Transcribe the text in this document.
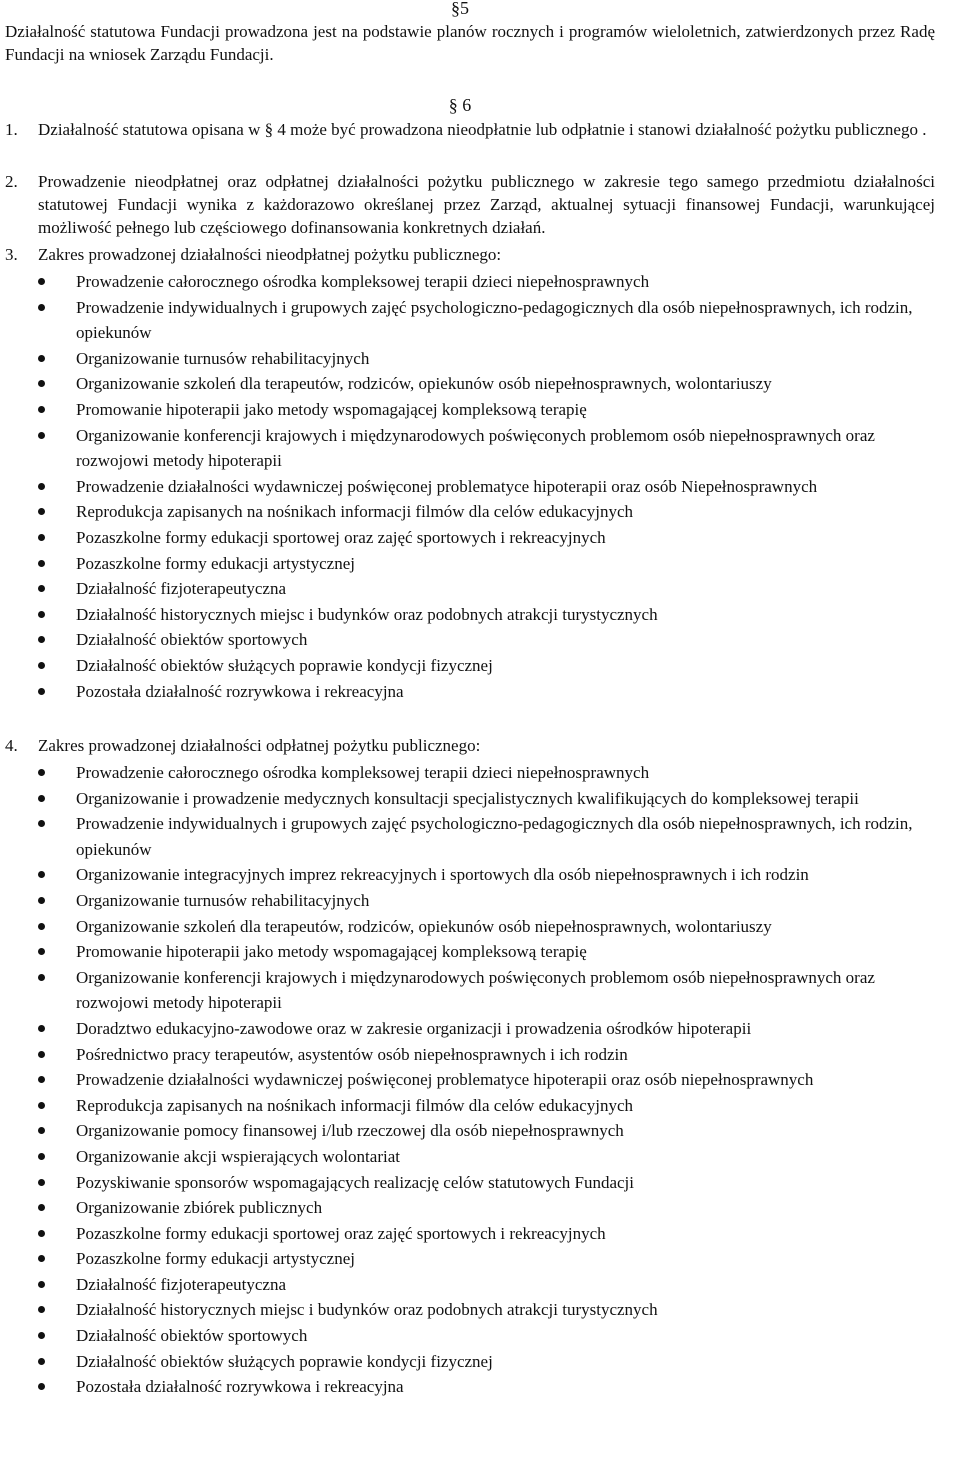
§5
Działalność statutowa Fundacji prowadzona jest na podstawie planów rocznych i programów wieloletnich, zatwierdzonych przez Radę Fundacji na wniosek Zarządu Fundacji.
§ 6
1. Działalność statutowa opisana w § 4 może być prowadzona nieodpłatnie lub odpłatnie i stanowi działalność pożytku publicznego .
2. Prowadzenie nieodpłatnej oraz odpłatnej działalności pożytku publicznego w zakresie tego samego przedmiotu działalności statutowej Fundacji wynika z każdorazowo określanej przez Zarząd, aktualnej sytuacji finansowej Fundacji, warunkującej możliwość pełnego lub częściowego dofinansowania konkretnych działań.
3. Zakres prowadzonej działalności nieodpłatnej pożytku publicznego:
Prowadzenie całorocznego ośrodka kompleksowej terapii dzieci niepełnosprawnych
Prowadzenie indywidualnych i grupowych zajęć psychologiczno-pedagogicznych dla osób niepełnosprawnych, ich rodzin, opiekunów
Organizowanie turnusów rehabilitacyjnych
Organizowanie szkoleń dla terapeutów, rodziców, opiekunów osób niepełnosprawnych, wolontariuszy
Promowanie hipoterapii jako metody wspomagającej kompleksową terapię
Organizowanie konferencji krajowych i międzynarodowych poświęconych problemom osób niepełnosprawnych oraz rozwojowi metody hipoterapii
Prowadzenie działalności wydawniczej poświęconej problematyce hipoterapii oraz osób Niepełnosprawnych
Reprodukcja zapisanych na nośnikach informacji filmów dla celów edukacyjnych
Pozaszkolne formy edukacji sportowej oraz zajęć sportowych i rekreacyjnych
Pozaszkolne formy edukacji artystycznej
Działalność fizjoterapeutyczna
Działalność historycznych miejsc i budynków oraz podobnych atrakcji turystycznych
Działalność obiektów sportowych
Działalność obiektów służących poprawie kondycji fizycznej
Pozostała działalność rozrywkowa i rekreacyjna
4. Zakres prowadzonej działalności odpłatnej pożytku publicznego:
Prowadzenie całorocznego ośrodka kompleksowej terapii dzieci niepełnosprawnych
Organizowanie i prowadzenie medycznych konsultacji specjalistycznych kwalifikujących do kompleksowej terapii
Prowadzenie indywidualnych i grupowych zajęć psychologiczno-pedagogicznych dla osób niepełnosprawnych, ich rodzin, opiekunów
Organizowanie integracyjnych imprez rekreacyjnych i sportowych dla osób niepełnosprawnych i ich rodzin
Organizowanie turnusów rehabilitacyjnych
Organizowanie szkoleń dla terapeutów, rodziców, opiekunów osób niepełnosprawnych, wolontariuszy
Promowanie hipoterapii jako metody wspomagającej kompleksową terapię
Organizowanie konferencji krajowych i międzynarodowych poświęconych problemom osób niepełnosprawnych oraz rozwojowi metody hipoterapii
Doradztwo edukacyjno-zawodowe oraz w zakresie organizacji i prowadzenia ośrodków hipoterapii
Pośrednictwo pracy terapeutów, asystentów osób niepełnosprawnych i ich rodzin
Prowadzenie działalności wydawniczej poświęconej problematyce hipoterapii oraz osób niepełnosprawnych
Reprodukcja zapisanych na nośnikach informacji filmów dla celów edukacyjnych
Organizowanie pomocy finansowej i/lub rzeczowej dla osób niepełnosprawnych
Organizowanie akcji wspierających wolontariat
Pozyskiwanie sponsorów wspomagających realizację celów statutowych Fundacji
Organizowanie zbiórek publicznych
Pozaszkolne formy edukacji sportowej oraz zajęć sportowych i rekreacyjnych
Pozaszkolne formy edukacji artystycznej
Działalność fizjoterapeutyczna
Działalność historycznych miejsc i budynków oraz podobnych atrakcji turystycznych
Działalność obiektów sportowych
Działalność obiektów służących poprawie kondycji fizycznej
Pozostała działalność rozrywkowa i rekreacyjna
